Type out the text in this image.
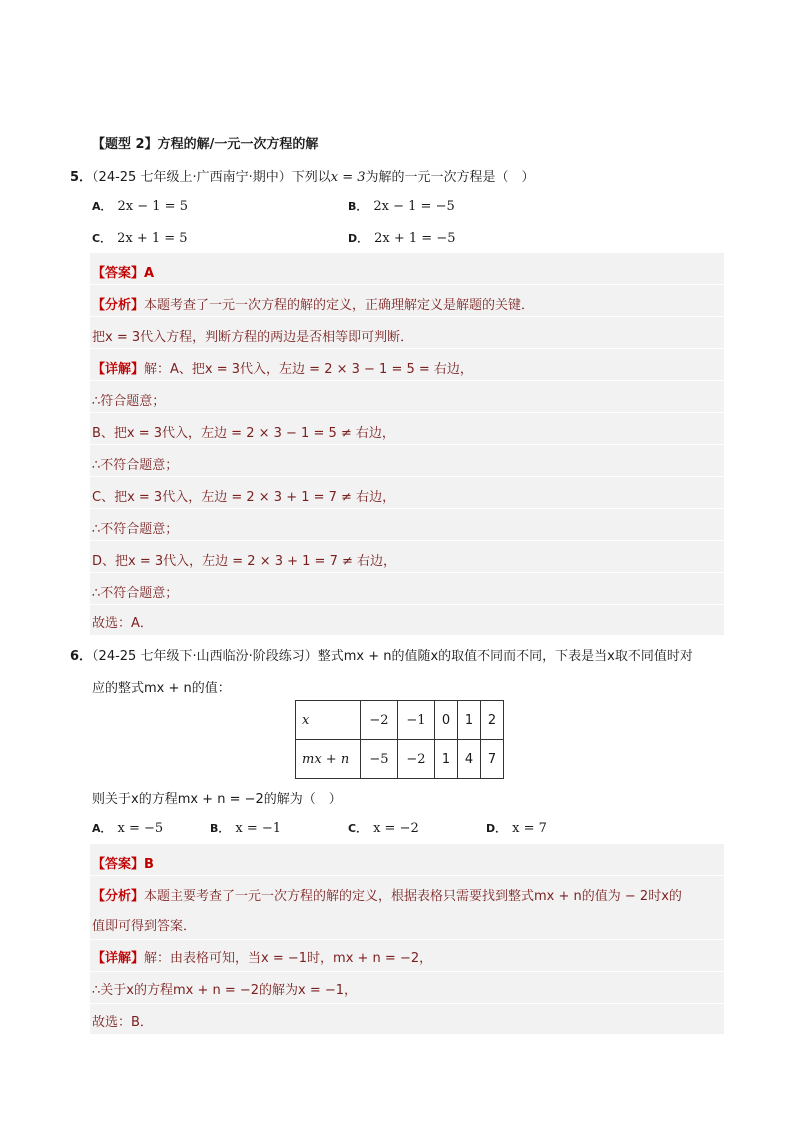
【题型 2】方程的解/一元一次方程的解
5．（24-25 七年级上·广西南宁·期中）下列以x = 3为解的一元一次方程是（　）
A． 2x − 1 = 5	B． 2x − 1 = −5
C． 2x + 1 = 5	D． 2x + 1 = −5
【答案】A
【分析】本题考查了一元一次方程的解的定义，正确理解定义是解题的关键．
把x = 3代入方程，判断方程的两边是否相等即可判断．
【详解】解：A、把x = 3代入，左边 = 2 × 3 − 1 = 5 = 右边，
∴符合题意；
B、把x = 3代入，左边 = 2 × 3 − 1 = 5 ≠ 右边，
∴不符合题意；
C、把x = 3代入，左边 = 2 × 3 + 1 = 7 ≠ 右边，
∴不符合题意；
D、把x = 3代入，左边 = 2 × 3 + 1 = 7 ≠ 右边，
∴不符合题意；
故选：A．
6．（24-25 七年级下·山西临汾·阶段练习）整式mx + n的值随x的取值不同而不同，下表是当x取不同值时对
应的整式mx + n的值：
x	−2	−1	0	1	2
mx + n	−5	−2	1	4	7
则关于x的方程mx + n = −2的解为（　）
A． x = −5	B． x = −1	C． x = −2	D． x = 7
【答案】B
【分析】本题主要考查了一元一次方程的解的定义，根据表格只需要找到整式mx + n的值为 − 2时x的
值即可得到答案．
【详解】解：由表格可知，当x = −1时，mx + n = −2，
∴关于x的方程mx + n = −2的解为x = −1，
故选：B．
